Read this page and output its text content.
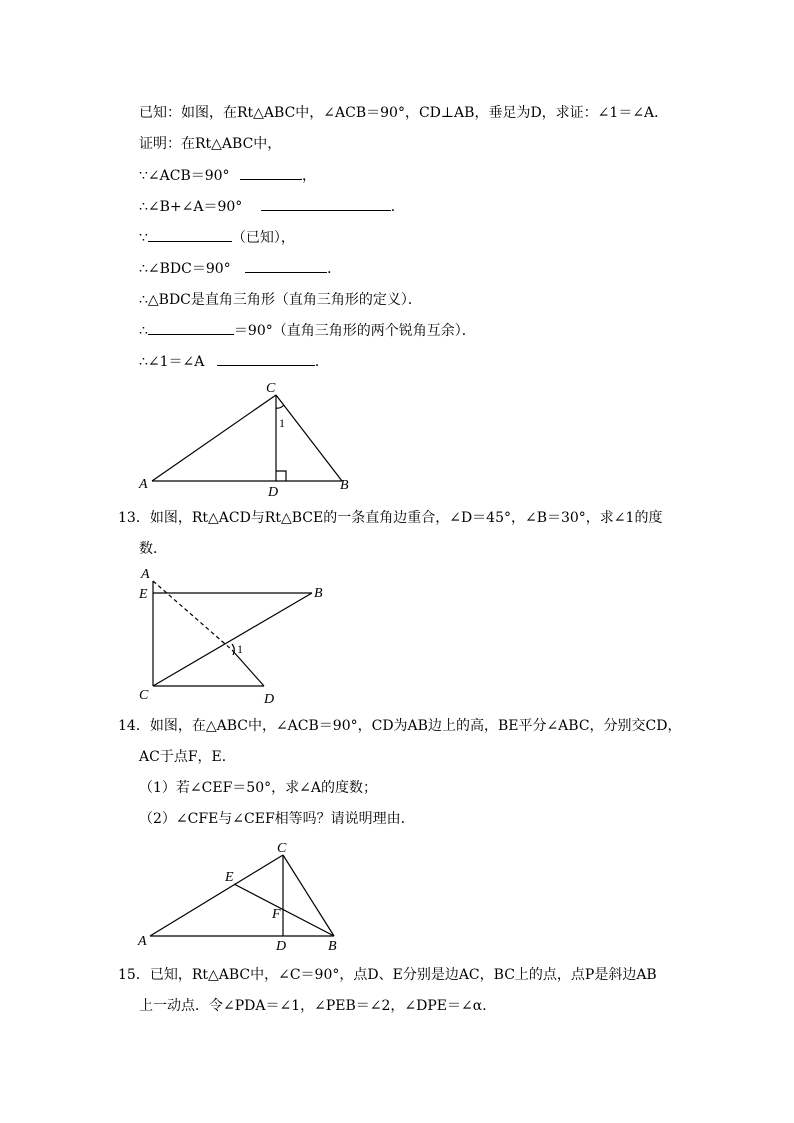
已知：如图，在Rt△ABC中，∠ACB＝90°，CD⊥AB，垂足为D，求证：∠1＝∠A．
证明：在Rt△ABC中，
∵∠ACB＝90°	，
∴∠B+∠A＝90°	．
∵	（已知），
∴∠BDC＝90°	．
∴△BDC是直角三角形（直角三角形的定义）．
∴	＝90°（直角三角形的两个锐角互余）．
∴∠1＝∠A	．
C
A	B
D
1
A
E	B
C	D
1
C
E
F
A	D	B
13．如图，Rt△ACD与Rt△BCE的一条直角边重合，∠D＝45°，∠B＝30°，求∠1的度
数．
14．如图，在△ABC中，∠ACB＝90°，CD为AB边上的高，BE平分∠ABC，分别交CD，
AC于点F，E．
（1）若∠CEF＝50°，求∠A的度数；
（2）∠CFE与∠CEF相等吗？请说明理由．
15．已知，Rt△ABC中，∠C＝90°，点D、E分别是边AC，BC上的点，点P是斜边AB
上一动点．令∠PDA＝∠1，∠PEB＝∠2，∠DPE＝∠α．
